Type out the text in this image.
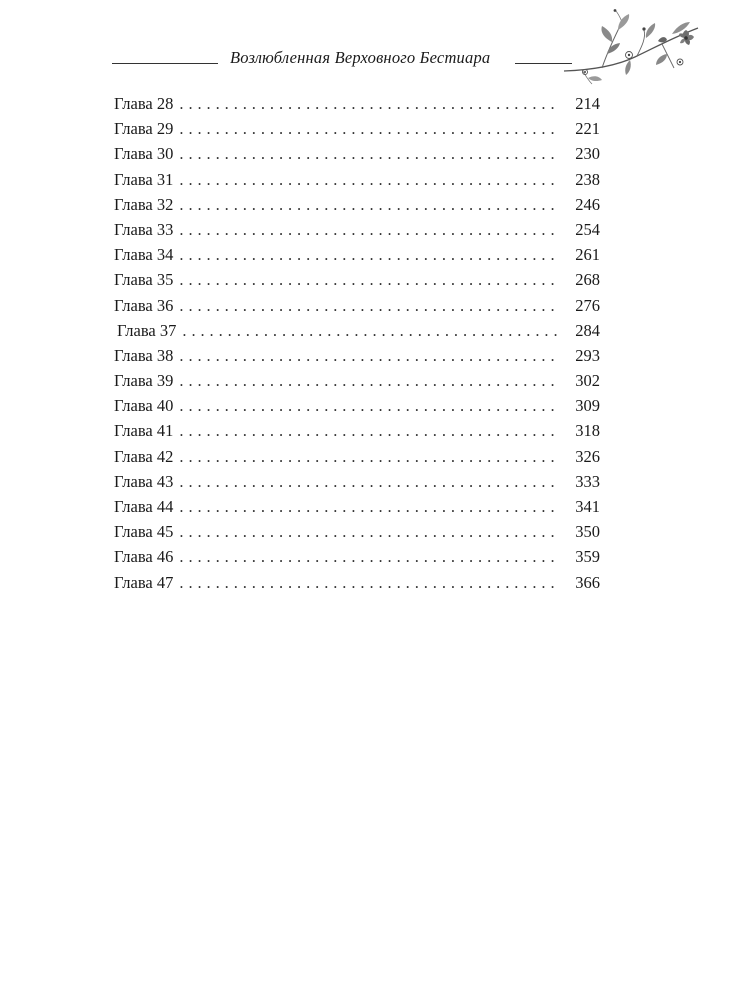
Возлюбленная Верховного Бестиара
Глава 28 . . .	214
Глава 29 . . .	221
Глава 30 . . .	230
Глава 31 . . .	238
Глава 32 . . .	246
Глава 33 . . .	254
Глава 34 . . .	261
Глава 35 . . .	268
Глава 36 . . .	276
Глава 37 . . .	284
Глава 38 . . .	293
Глава 39 . . .	302
Глава 40 . . .	309
Глава 41 . . .	318
Глава 42 . . .	326
Глава 43 . . .	333
Глава 44 . . .	341
Глава 45 . . .	350
Глава 46 . . .	359
Глава 47 . . .	366
